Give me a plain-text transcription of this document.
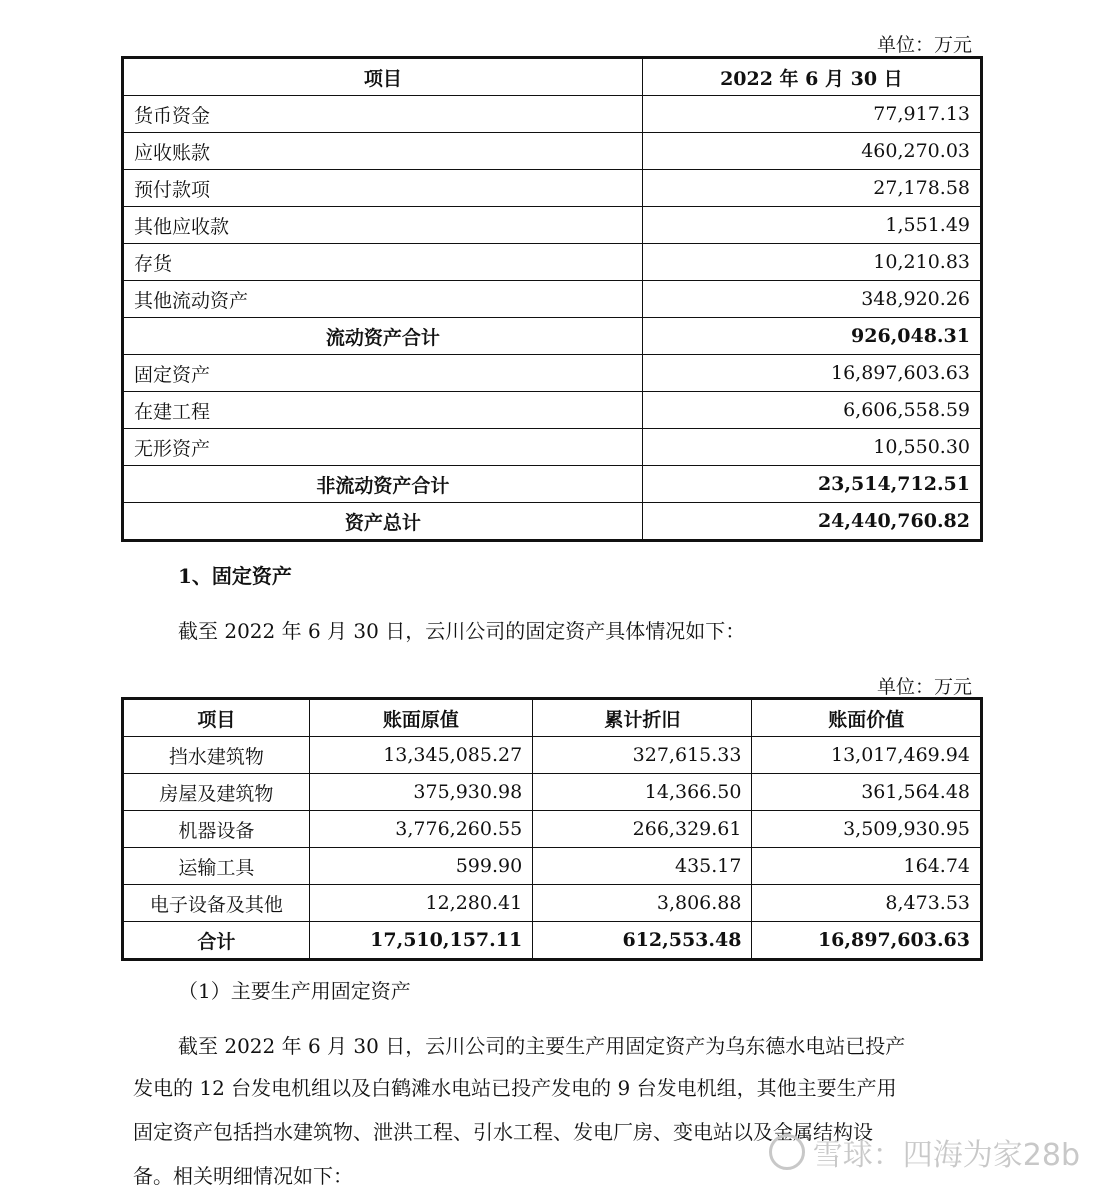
单位：万元
项目	2022 年 6 月 30 日
货币资金	77,917.13
应收账款	460,270.03
预付款项	27,178.58
其他应收款	1,551.49
存货	10,210.83
其他流动资产	348,920.26
流动资产合计	926,048.31
固定资产	16,897,603.63
在建工程	6,606,558.59
无形资产	10,550.30
非流动资产合计	23,514,712.51
资产总计	24,440,760.82
1、固定资产
截至 2022 年 6 月 30 日，云川公司的固定资产具体情况如下：
单位：万元
项目	账面原值	累计折旧	账面价值
挡水建筑物	13,345,085.27	327,615.33	13,017,469.94
房屋及建筑物	375,930.98	14,366.50	361,564.48
机器设备	3,776,260.55	266,329.61	3,509,930.95
运输工具	599.90	435.17	164.74
电子设备及其他	12,280.41	3,806.88	8,473.53
合计	17,510,157.11	612,553.48	16,897,603.63
（1）主要生产用固定资产
截至 2022 年 6 月 30 日，云川公司的主要生产用固定资产为乌东德水电站已投产
发电的 12 台发电机组以及白鹤滩水电站已投产发电的 9 台发电机组，其他主要生产用
固定资产包括挡水建筑物、泄洪工程、引水工程、发电厂房、变电站以及金属结构设
备。相关明细情况如下：
雪球：四海为家28b
